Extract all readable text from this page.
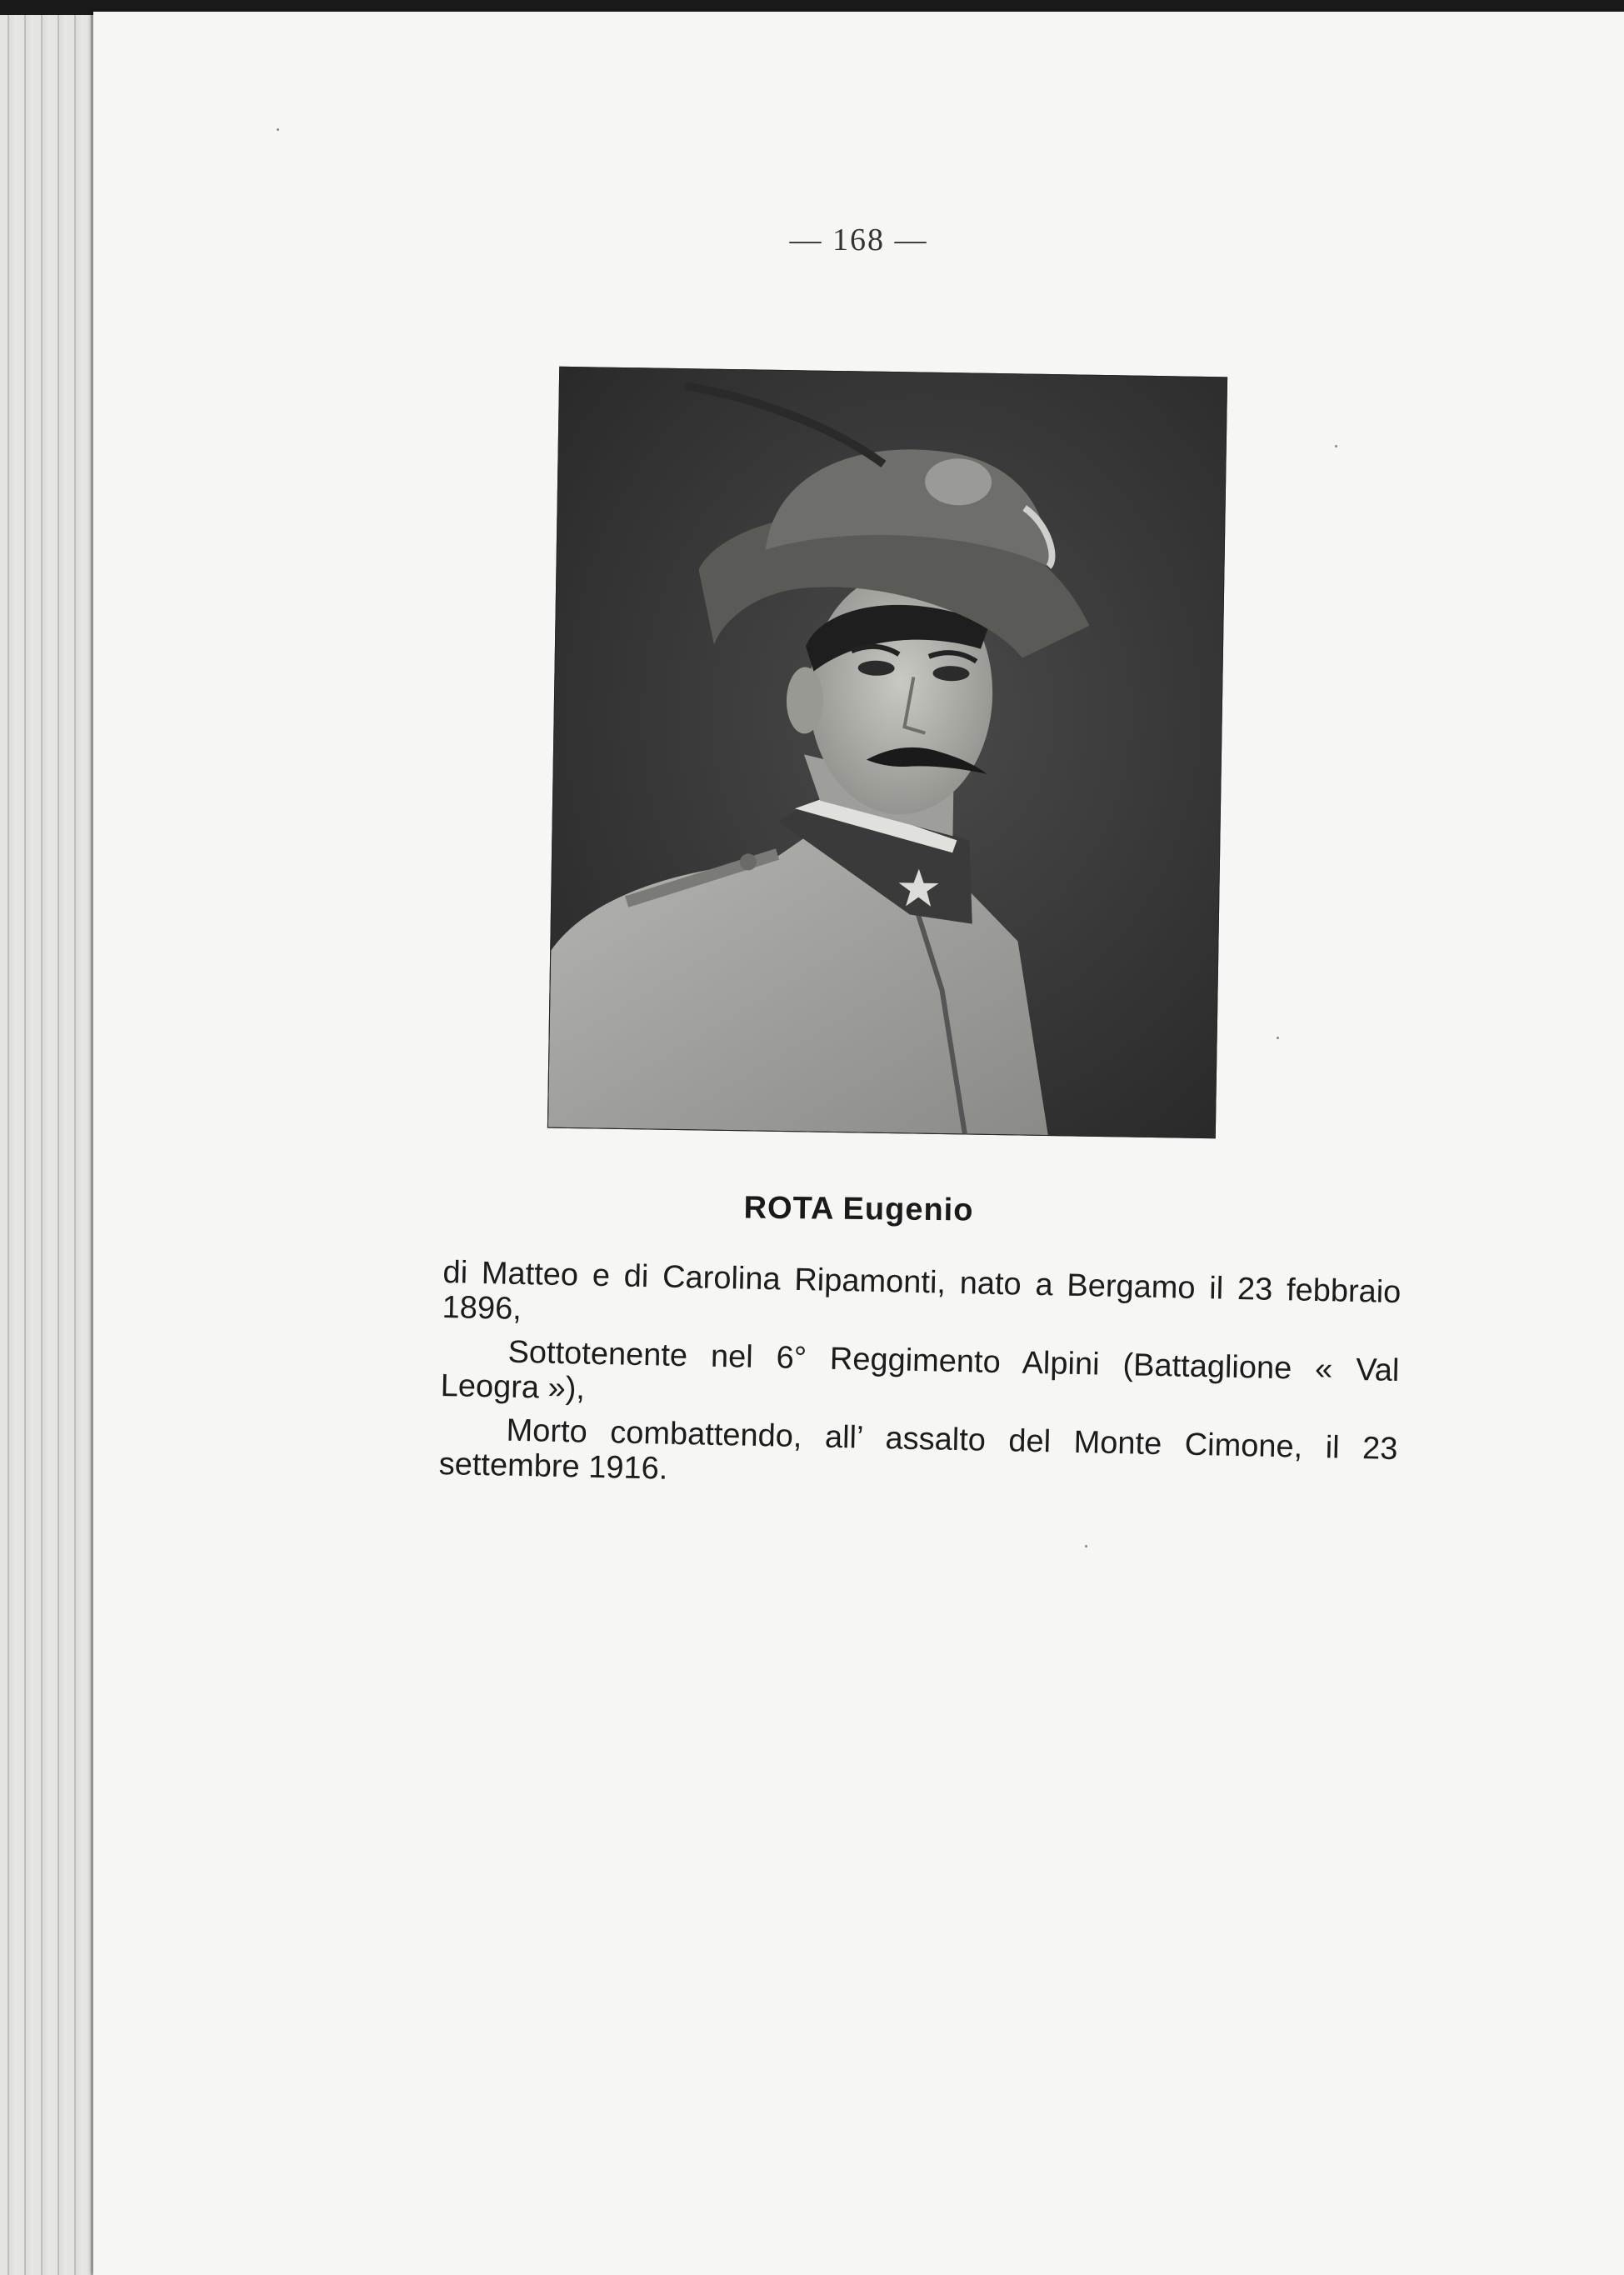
— 168 —
ROTA Eugenio

di Matteo e di Carolina Ripamonti, nato a Bergamo il 23 febbraio 1896,

Sottotenente nel 6° Reggimento Alpini (Battaglione « Val Leogra »),

Morto combattendo, all’ assalto del Monte Cimone, il 23 settembre 1916.
